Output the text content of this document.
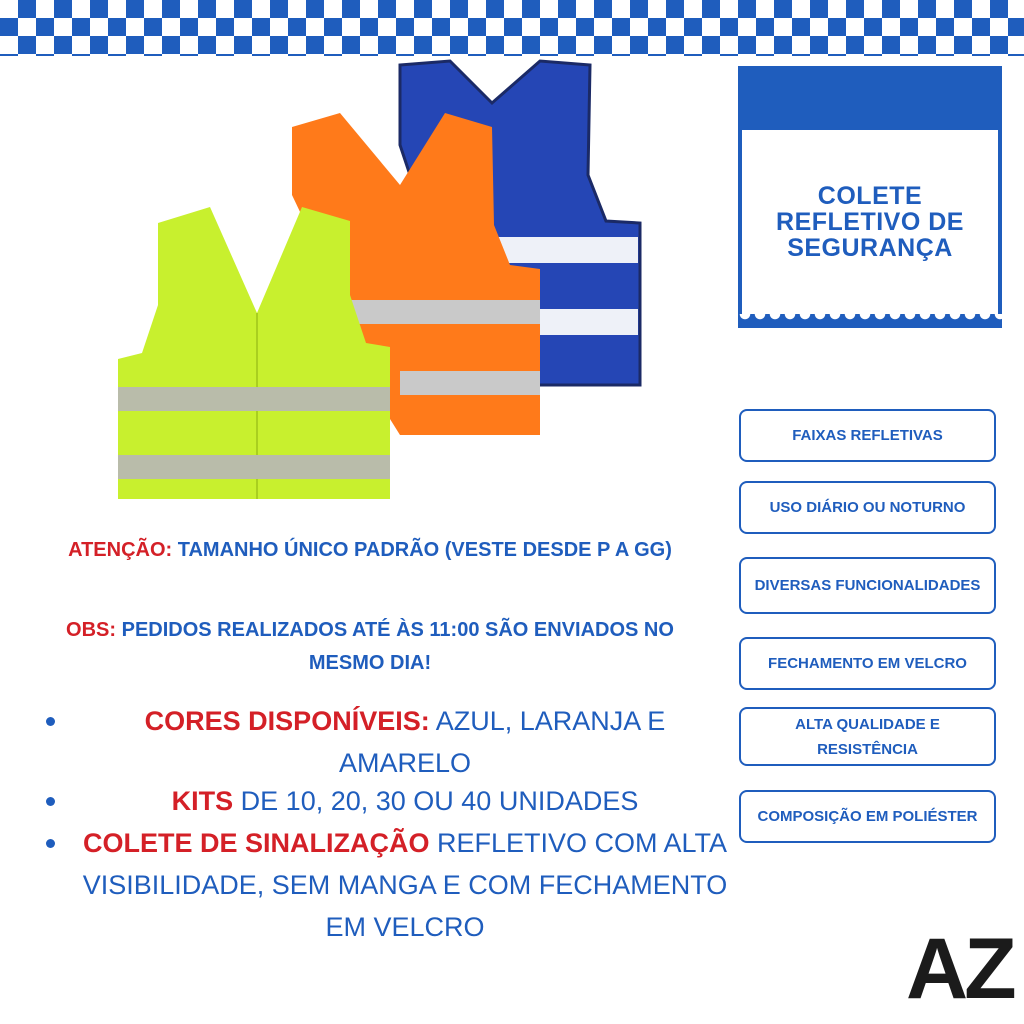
COLETE REFLETIVO DE SEGURANÇA
FAIXAS REFLETIVAS
USO DIÁRIO OU NOTURNO
DIVERSAS FUNCIONALIDADES
FECHAMENTO EM VELCRO
ALTA QUALIDADE E RESISTÊNCIA
COMPOSIÇÃO EM POLIÉSTER
ATENÇÃO: TAMANHO ÚNICO PADRÃO (VESTE DESDE P A GG)
OBS: PEDIDOS REALIZADOS ATÉ ÀS 11:00 SÃO ENVIADOS NO MESMO DIA!
CORES DISPONÍVEIS: AZUL, LARANJA E AMARELO
KITS DE 10, 20, 30 OU 40 UNIDADES
COLETE DE SINALIZAÇÃO REFLETIVO COM ALTA VISIBILIDADE, SEM MANGA E COM FECHAMENTO EM VELCRO	AZ
